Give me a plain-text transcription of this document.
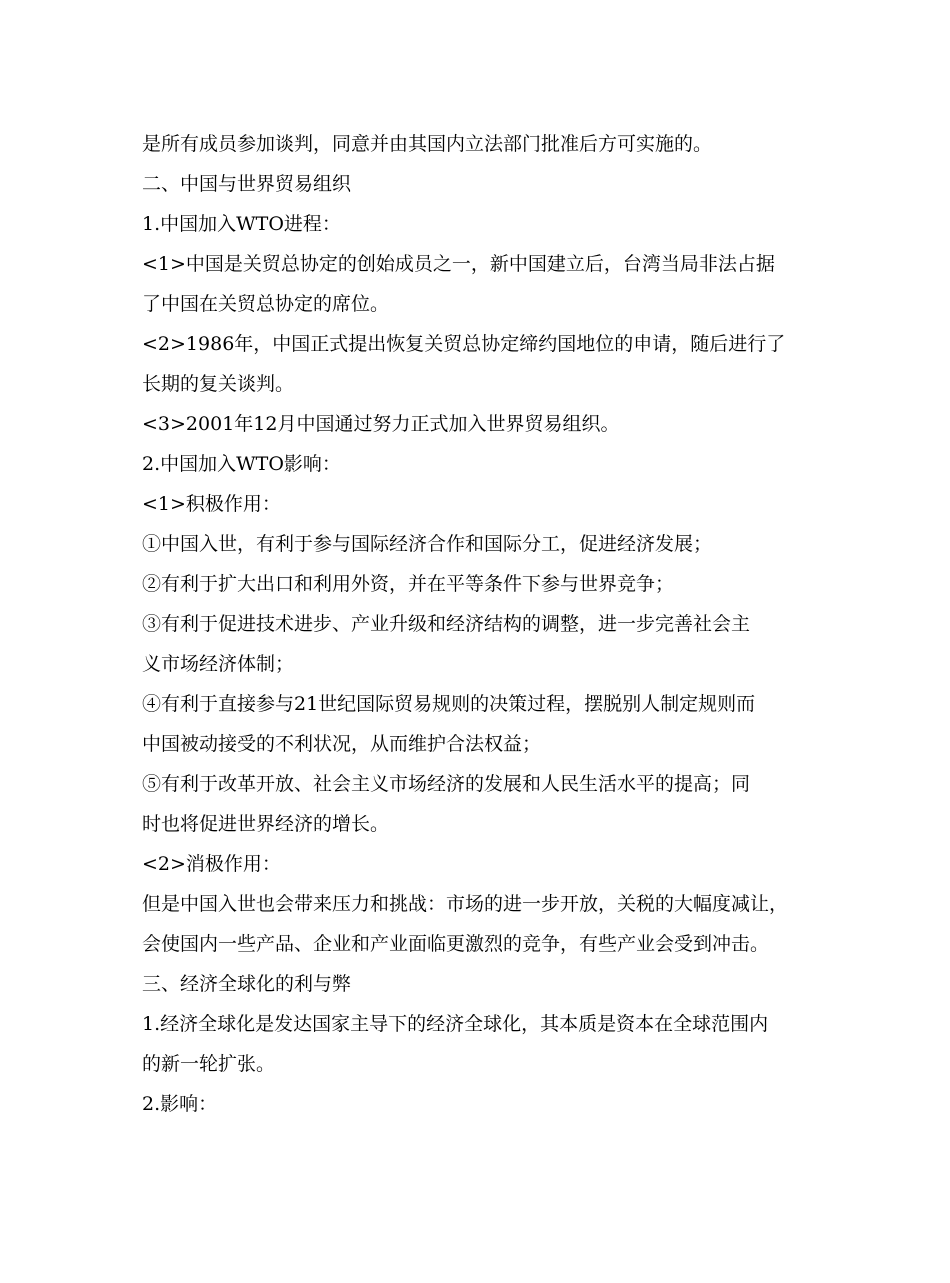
是所有成员参加谈判，同意并由其国内立法部门批准后方可实施的。
二、中国与世界贸易组织
1.中国加入WTO进程：
<1>中国是关贸总协定的创始成员之一，新中国建立后，台湾当局非法占据
了中国在关贸总协定的席位。
<2>1986年，中国正式提出恢复关贸总协定缔约国地位的申请，随后进行了
长期的复关谈判。
<3>2001年12月中国通过努力正式加入世界贸易组织。
2.中国加入WTO影响：
<1>积极作用：
①中国入世，有利于参与国际经济合作和国际分工，促进经济发展；
②有利于扩大出口和利用外资，并在平等条件下参与世界竞争；
③有利于促进技术进步、产业升级和经济结构的调整，进一步完善社会主
义市场经济体制；
④有利于直接参与21世纪国际贸易规则的决策过程，摆脱别人制定规则而
中国被动接受的不利状况，从而维护合法权益；
⑤有利于改革开放、社会主义市场经济的发展和人民生活水平的提高；同
时也将促进世界经济的增长。
<2>消极作用：
但是中国入世也会带来压力和挑战：市场的进一步开放，关税的大幅度减让，
会使国内一些产品、企业和产业面临更激烈的竞争，有些产业会受到冲击。
三、经济全球化的利与弊
1.经济全球化是发达国家主导下的经济全球化，其本质是资本在全球范围内
的新一轮扩张。
2.影响：
